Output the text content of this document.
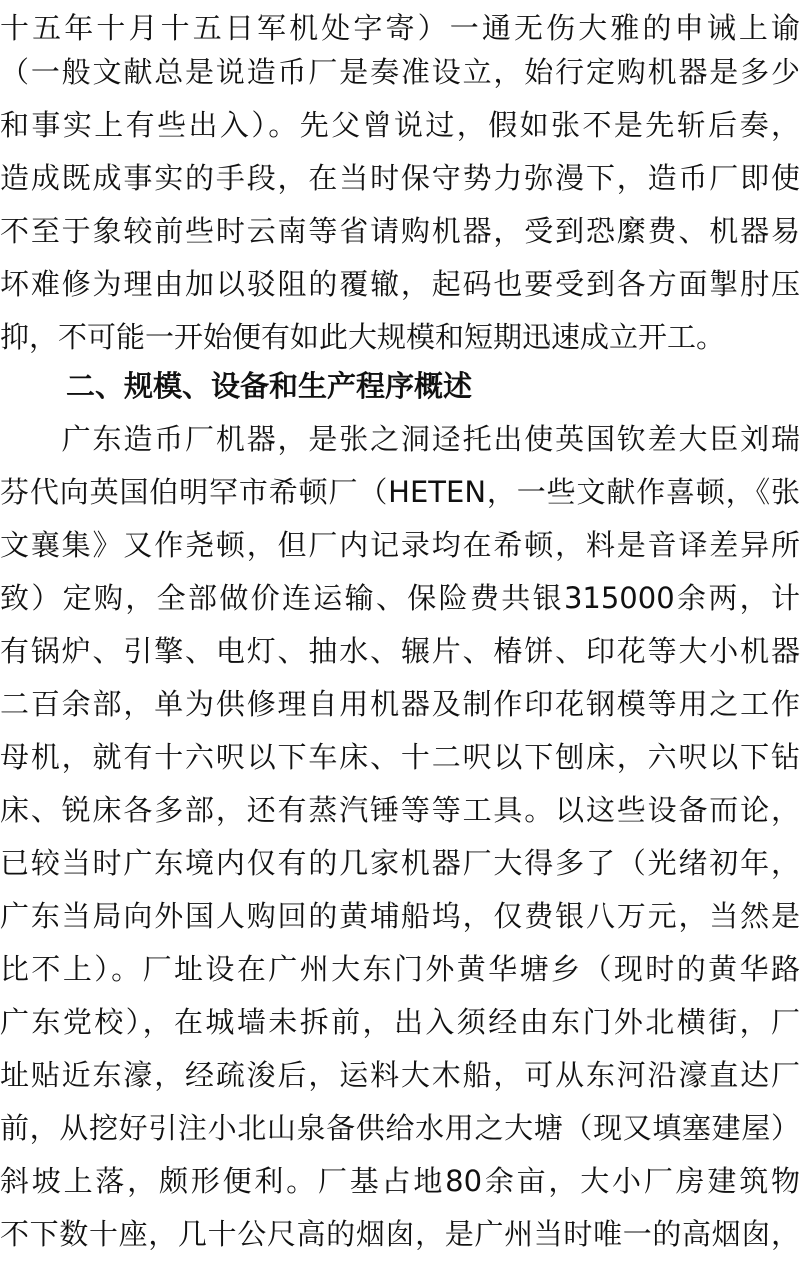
十五年十月十五日军机处字寄）一通无伤大雅的申诫上谕
（一般文献总是说造币厂是奏准设立，始行定购机器是多少
和事实上有些出入）。先父曾说过，假如张不是先斩后奏，
造成既成事实的手段，在当时保守势力弥漫下，造币厂即使
不至于象较前些时云南等省请购机器，受到恐縻费、机器易
坏难修为理由加以驳阻的覆辙，起码也要受到各方面掣肘压
抑，不可能一开始便有如此大规模和短期迅速成立开工。
二、规模、设备和生产程序概述
　　广东造币厂机器，是张之洞迳托出使英国钦差大臣刘瑞
芬代向英国伯明罕市希顿厂（HETEN，一些文献作喜顿，《张
文襄集》又作尧顿，但厂内记录均在希顿，料是音译差异所
致）定购，全部做价连运输、保险费共银315000余两，计
有锅炉、引擎、电灯、抽水、辗片、椿饼、印花等大小机器
二百余部，单为供修理自用机器及制作印花钢模等用之工作
母机，就有十六呎以下车床、十二呎以下刨床，六呎以下钻
床、锐床各多部，还有蒸汽锤等等工具。以这些设备而论，
已较当时广东境内仅有的几家机器厂大得多了（光绪初年，
广东当局向外国人购回的黄埔船坞，仅费银八万元，当然是
比不上）。厂址设在广州大东门外黄华塘乡（现时的黄华路
广东党校），在城墙未拆前，出入须经由东门外北横街，厂
址贴近东濠，经疏浚后，运料大木船，可从东河沿濠直达厂
前，从挖好引注小北山泉备供给水用之大塘（现又填塞建屋）
斜坡上落，颇形便利。厂基占地80余亩，大小厂房建筑物
不下数十座，几十公尺高的烟囱，是广州当时唯一的高烟囱，
